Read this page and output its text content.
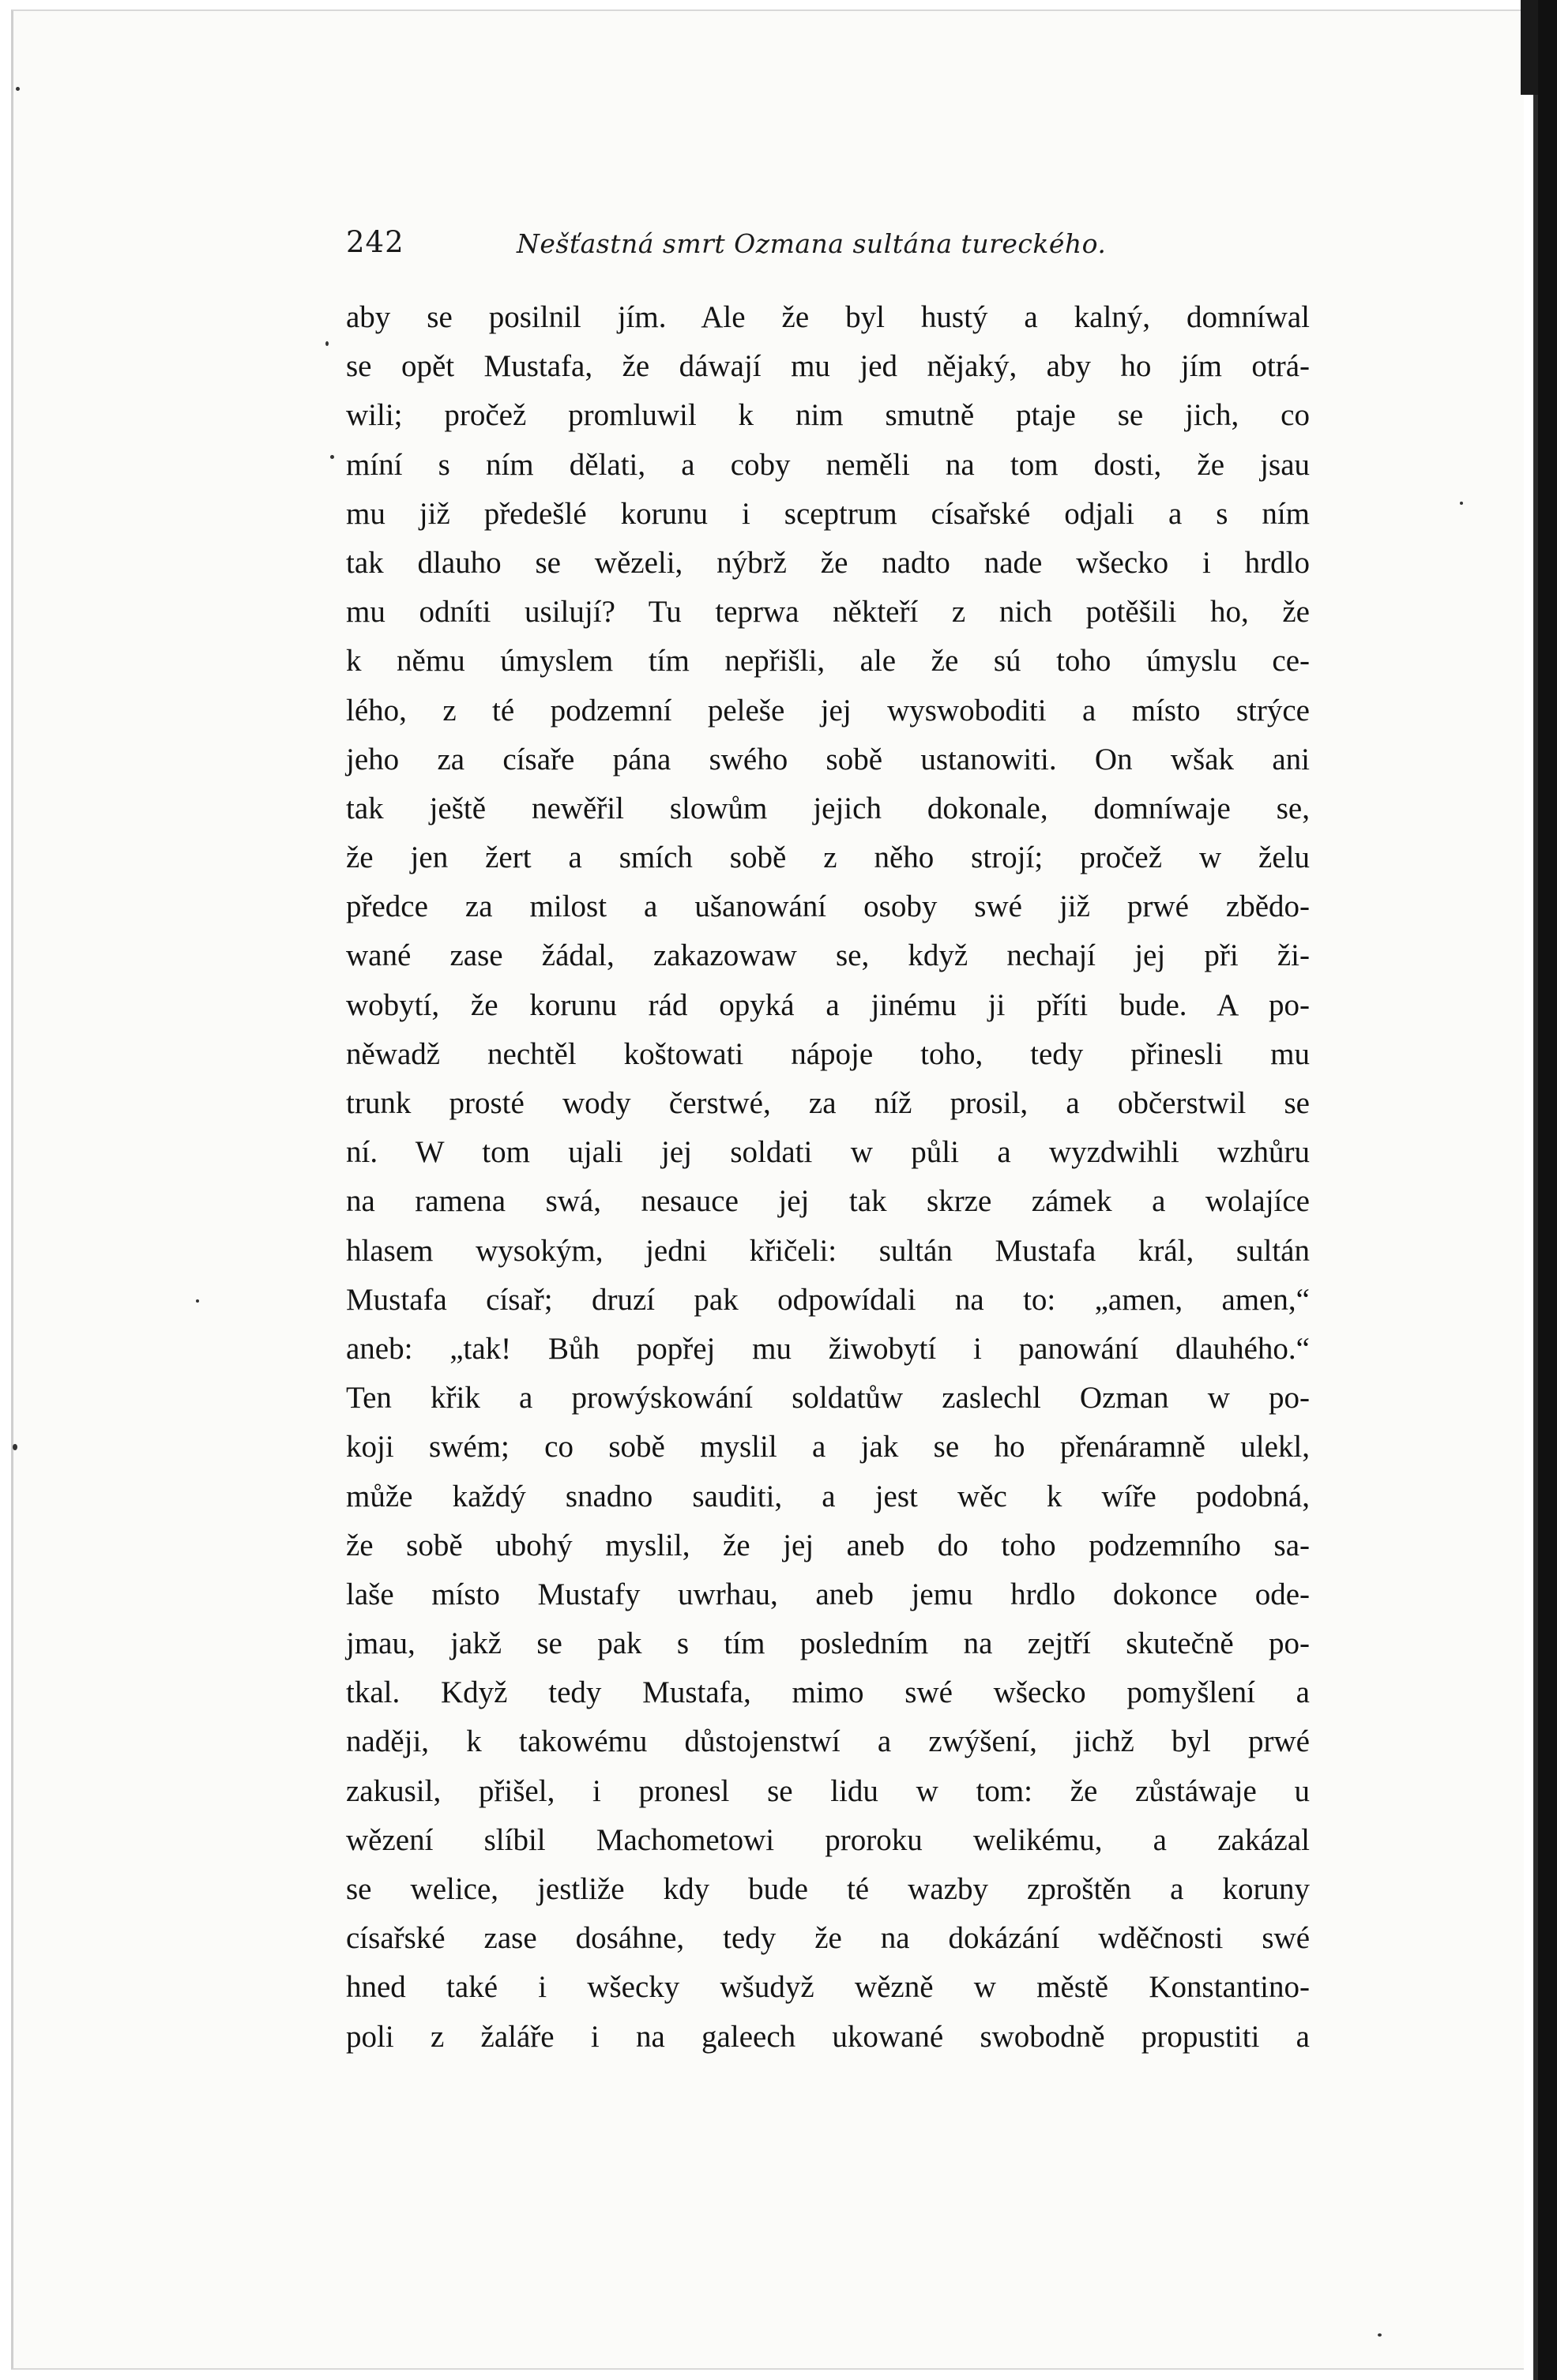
242	Nešťastná smrt Ozmana sultána tureckého.
aby se posilnil jím. Ale že byl hustý a kalný, domníwal
se opět Mustafa, že dáwají mu jed nějaký, aby ho jím otrá-
wili; pročež promluwil k nim smutně ptaje se jich, co
míní s ním dělati, a coby neměli na tom dosti, že jsau
mu již předešlé korunu i sceptrum císařské odjali a s ním
tak dlauho se wězeli, nýbrž že nadto nade wšecko i hrdlo
mu odníti usilují? Tu teprwa někteří z nich potěšili ho, že
k němu úmyslem tím nepřišli, ale že sú toho úmyslu ce-
lého, z té podzemní peleše jej wyswoboditi a místo strýce
jeho za císaře pána swého sobě ustanowiti. On wšak ani
tak ještě newěřil slowům jejich dokonale, domníwaje se,
že jen žert a smích sobě z něho strojí; pročež w želu
předce za milost a ušanowání osoby swé již prwé zbědo-
wané zase žádal, zakazowaw se, když nechají jej při ži-
wobytí, že korunu rád opyká a jinému ji příti bude. A po-
něwadž nechtěl koštowati nápoje toho, tedy přinesli mu
trunk prosté wody čerstwé, za níž prosil, a občerstwil se
ní. W tom ujali jej soldati w půli a wyzdwihli wzhůru
na ramena swá, nesauce jej tak skrze zámek a wolajíce
hlasem wysokým, jedni křičeli: sultán Mustafa král, sultán
Mustafa císař; druzí pak odpowídali na to: „amen, amen,“
aneb: „tak! Bůh popřej mu žiwobytí i panowání dlauhého.“
Ten křik a prowýskowání soldatůw zaslechl Ozman w po-
koji swém; co sobě myslil a jak se ho přenáramně ulekl,
může každý snadno sauditi, a jest wěc k wíře podobná,
že sobě ubohý myslil, že jej aneb do toho podzemního sa-
laše místo Mustafy uwrhau, aneb jemu hrdlo dokonce ode-
jmau, jakž se pak s tím posledním na zejtří skutečně po-
tkal. Když tedy Mustafa, mimo swé wšecko pomyšlení a
naději, k takowému důstojenstwí a zwýšení, jichž byl prwé
zakusil, přišel, i pronesl se lidu w tom: že zůstáwaje u
wězení slíbil Machometowi proroku welikému, a zakázal
se welice, jestliže kdy bude té wazby zproštěn a koruny
císařské zase dosáhne, tedy že na dokázání wděčnosti swé
hned také i wšecky wšudyž wězně w městě Konstantino-
poli z žaláře i na galeech ukowané swobodně propustiti a
